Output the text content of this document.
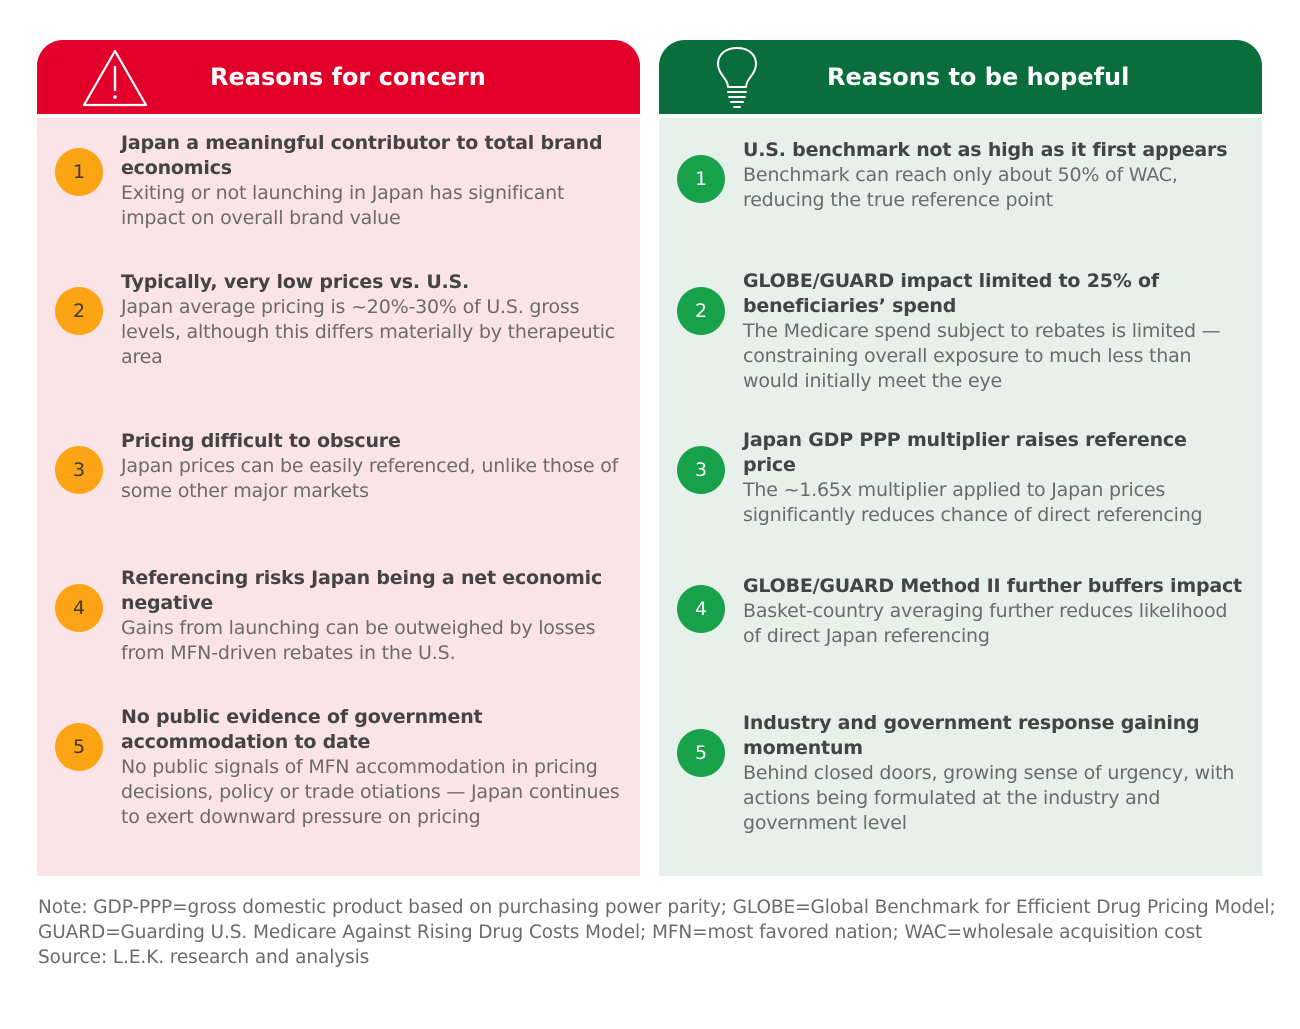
Reasons for concern
1
Japan a meaningful contributor to total brand economics
Exiting or not launching in Japan has significant impact on overall brand value
2
Typically, very low prices vs. U.S.
Japan average pricing is ~20%-30% of U.S. gross levels, although this differs materially by therapeutic area
3
Pricing difficult to obscure
Japan prices can be easily referenced, unlike those of some other major markets
4
Referencing risks Japan being a net economic negative
Gains from launching can be outweighed by losses from MFN-driven rebates in the U.S.
5
No public evidence of government accommodation to date
No public signals of MFN accommodation in pricing decisions, policy or trade otiations — Japan continues to exert downward pressure on pricing
Reasons to be hopeful
1
U.S. benchmark not as high as it first appears
Benchmark can reach only about 50% of WAC, reducing the true reference point
2
GLOBE/GUARD impact limited to 25% of beneficiaries’ spend
The Medicare spend subject to rebates is limited — constraining overall exposure to much less than would initially meet the eye
3
Japan GDP PPP multiplier raises reference price
The ~1.65x multiplier applied to Japan prices significantly reduces chance of direct referencing
4
GLOBE/GUARD Method II further buffers impact
Basket-country averaging further reduces likelihood of direct Japan referencing
5
Industry and government response gaining momentum
Behind closed doors, growing sense of urgency, with actions being formulated at the industry and government level
Note: GDP-PPP=gross domestic product based on purchasing power parity; GLOBE=Global Benchmark for Efficient Drug Pricing Model; GUARD=Guarding U.S. Medicare Against Rising Drug Costs Model; MFN=most favored nation; WAC=wholesale acquisition cost
Source: L.E.K. research and analysis
